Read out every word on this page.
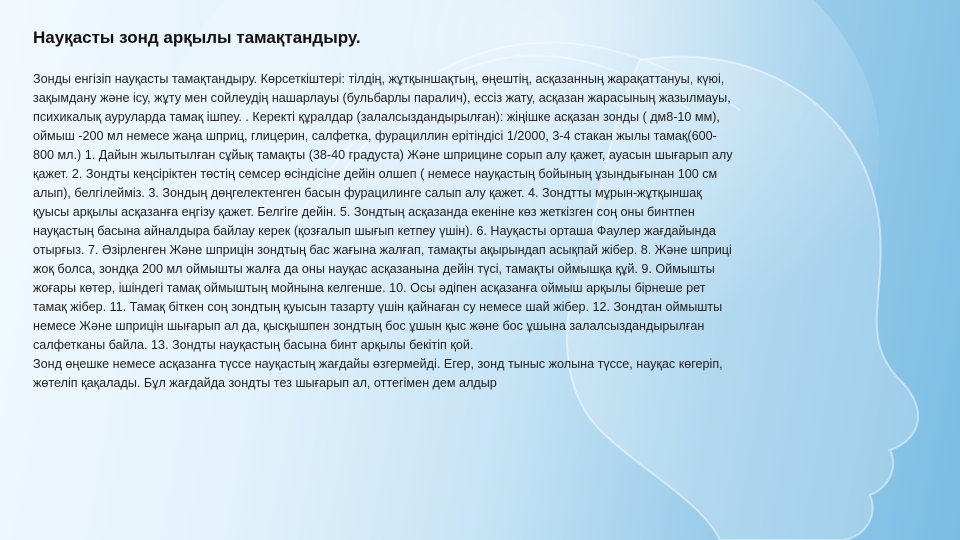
Науқасты зонд арқылы тамақтандыру.

Зонды енгізіп науқасты тамақтандыру. Көрсеткіштері: тілдің, жұтқыншақтың, өңештің, асқазанның жарақаттануы, күюі, зақымдану және ісу, жұту мен сойлеудің нашарлауы (бульбарлы паралич), ессіз жату, асқазан жарасының жазылмауы, психикалық ауруларда тамақ ішпеу. . Керекті құралдар (залалсыздандырылған): жіңішке асқазан зонды ( дм8-10 мм), оймыш -200 мл немесе жаңа шприц, глицерин, салфетка, фурациллин ерітіндісі 1/2000, 3-4 стакан жылы тамақ(600-800 мл.) 1. Дайын жылытылған сұйық тамақты (38-40 градуста) Және шприцине сорып алу қажет, ауасын шығарып алу қажет. 2. Зондты кеңсіріктен төстің семсер өсіндісіне дейін олшеп ( немесе науқастың бойының ұзындығынан 100 см алып), белгілеймiз. 3. Зондың дөңгелектенген басын фурацилинге салып алу қажет. 4. Зондтты мұрын-жұтқыншақ қуысы арқылы асқазанға еңгізу қажет. Белгіге дейін. 5. Зондтың асқазанда екеніне көз жеткізген соң оны бинтпен науқастың басына айналдыра байлау керек (қозғалып шығып кетпеу үшін). 6. Науқасты орташа Фаулер жағдайында отырғыз. 7. Әзірленген Және шприцін зондтың бас жағына жалғап, тамақты ақырындап асықпай жібер. 8. Және шприці жоқ болса, зондқа 200 мл оймышты жалға да оны науқас асқазанына дейін түсі, тамақты оймышқа құй. 9. Оймышты жоғары көтер, ішіндегі тамақ оймыштың мойнына келгенше. 10. Осы әдіпен асқазанға оймыш арқылы бірнеше рет тамақ жібер. 11. Тамақ біткен соң зондтың қуысын тазарту үшін қайнаған су немесе шай жібер. 12. Зондтан оймышты немесе Және шприцін шығарып ал да, қысқышпен зондтың бос ұшын қыс және бос ұшына залалсыздандырылған салфетканы байла. 13. Зондты науқастың басына бинт арқылы бекітіп қой.

Зонд өңешке немесе асқазанға түссе науқастың жағдайы өзгермейді. Егер, зонд тыныс жолына түссе, науқас көгеріп, жөтеліп қақалады. Бұл жағдайда зондты тез шығарып ал, оттегімен дем алдыр
